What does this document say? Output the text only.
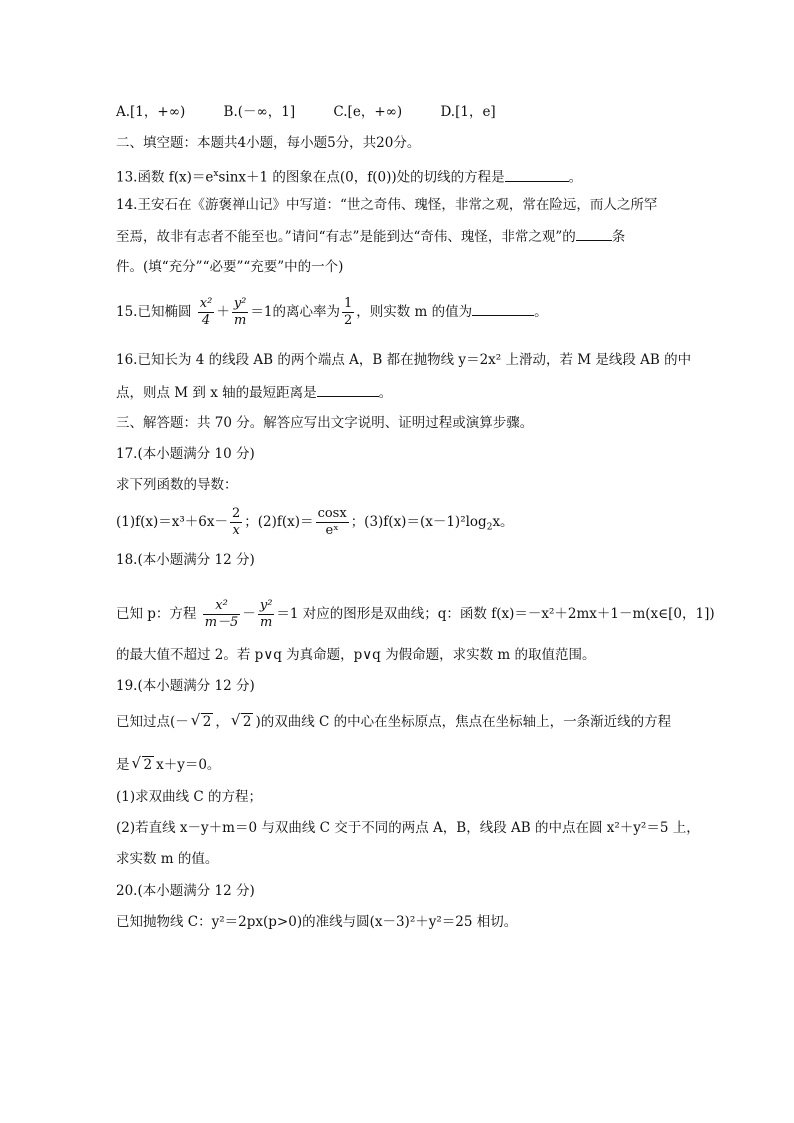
A.[1，+∞)	B.(－∞，1]	C.[e，+∞)	D.[1，e]
二、填空题：本题共4小题，每小题5分，共20分。
13.函数 $f(x)=e^x\sin x+1$ 的图象在点(0，f(0))处的切线的方程是	。
14.王安石在《游褒禅山记》中写道：“世之奇伟、瑰怪，非常之观，常在险远，而人之所罕
至焉，故非有志者不能至也。”请问“有志”是能到达“奇伟、瑰怪，非常之观”的	条
件。(填“充分”“必要”“充要”中的一个)
15.已知椭圆 $\frac{\text{x²}}{4} + \frac{\text{y²}}{m} =1$的离心率为 $\frac{1}{2}$ ，则实数 m 的值为	。
16.已知长为 4 的线段 AB 的两个端点 A，B 都在抛物线 y＝2x² 上滑动，若 M 是线段 AB 的中
点，则点 M 到 x 轴的最短距离是	。
三、解答题：共 70 分。解答应写出文字说明、证明过程或演算步骤。
17.(本小题满分 10 分)
求下列函数的导数：
$(1)f(x)=x^3+6x- \frac{2}{x}$ ；$(2)f(x)= \frac{\cos x}{\text{eˣ}}$ ；$(3)f(x)=(x-1)^2\log_2x$。
18.(本小题满分 12 分)
已知 p：方程 $\frac{\text{x²}}{m-5} - \frac{\text{y²}}{m} =1$ 对应的图形是双曲线；q：函数 f(x)＝－x²＋2mx＋1－m(x∈[0，1])
的最大值不超过 2。若 p∨q 为真命题，p∨q 为假命题，求实数 m 的取值范围。
19.(本小题满分 12 分)
已知过点(－ √ 2 ， √ 2 )的双曲线 C 的中心在坐标原点，焦点在坐标轴上，一条渐近线的方程
是 √ 2 x＋y＝0。
(1)求双曲线 C 的方程；
(2)若直线 x－y＋m＝0 与双曲线 C 交于不同的两点 A，B，线段 AB 的中点在圆 x²＋y²＝5 上，
求实数 m 的值。
20.(本小题满分 12 分)
已知抛物线 C：y²＝2px(p>0)的准线与圆(x－3)²＋y²＝25 相切。
